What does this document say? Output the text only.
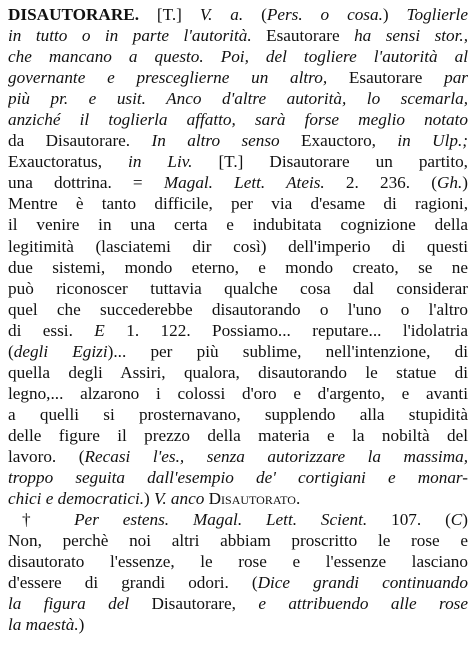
DISAUTORARE. [T.] V. a. (Pers. o cosa.) Toglierle
in tutto o in parte l'autorità. Esautorare ha sensi stor.,
che mancano a questo. Poi, del togliere l'autorità al
governante e prescegliernе un altro, Esautorare par
più pr. e usit. Anco d'altre autorità, lo scemarla,
anziché il toglierla affatto, sarà forse meglio notato
da Disautorare. In altro senso Exauctoro, in Ulp.;
Exauctoratus, in Liv. [T.] Disautorare un partito,
una dottrina. = Magal. Lett. Ateis. 2. 236. (Gh.)
Mentre è tanto difficile, per via d'esame di ragioni,
il venire in una certa e indubitata cognizione della
legitimità (lasciatemi dir così) dell'imperio di questi
due sistemi, mondo eterno, e mondo creato, se ne
può riconoscer tuttavia qualche cosa dal considerar
quel che succederebbe disautorando o l'uno o l'altro
di essi. E 1. 122. Possiamo... reputare... l'idolatria
(degli Egizi)... per più sublime, nell'intenzione, di
quella degli Assiri, qualora, disautorando le statue di
legno,... alzarono i colossi d'oro e d'argento, e avanti
a quelli si prosternavano, supplendo alla stupidità
delle figure il prezzo della materia e la nobiltà del
lavoro. (Recasi l'es., senza autorizzare la massima,
troppo seguita dall'esempio de' cortigiani e monar-
chici e democratici.) V. anco Disautorato.
† Per estens. Magal. Lett. Scient. 107. (C)
Non, perchè noi altri abbiam proscritto le rose e
disautorato l'essenze, le rose e l'essenze lasciano
d'essere di grandi odori. (Dice grandi continuando
la figura del Disautorare, e attribuendo alle rose
la maestà.)
